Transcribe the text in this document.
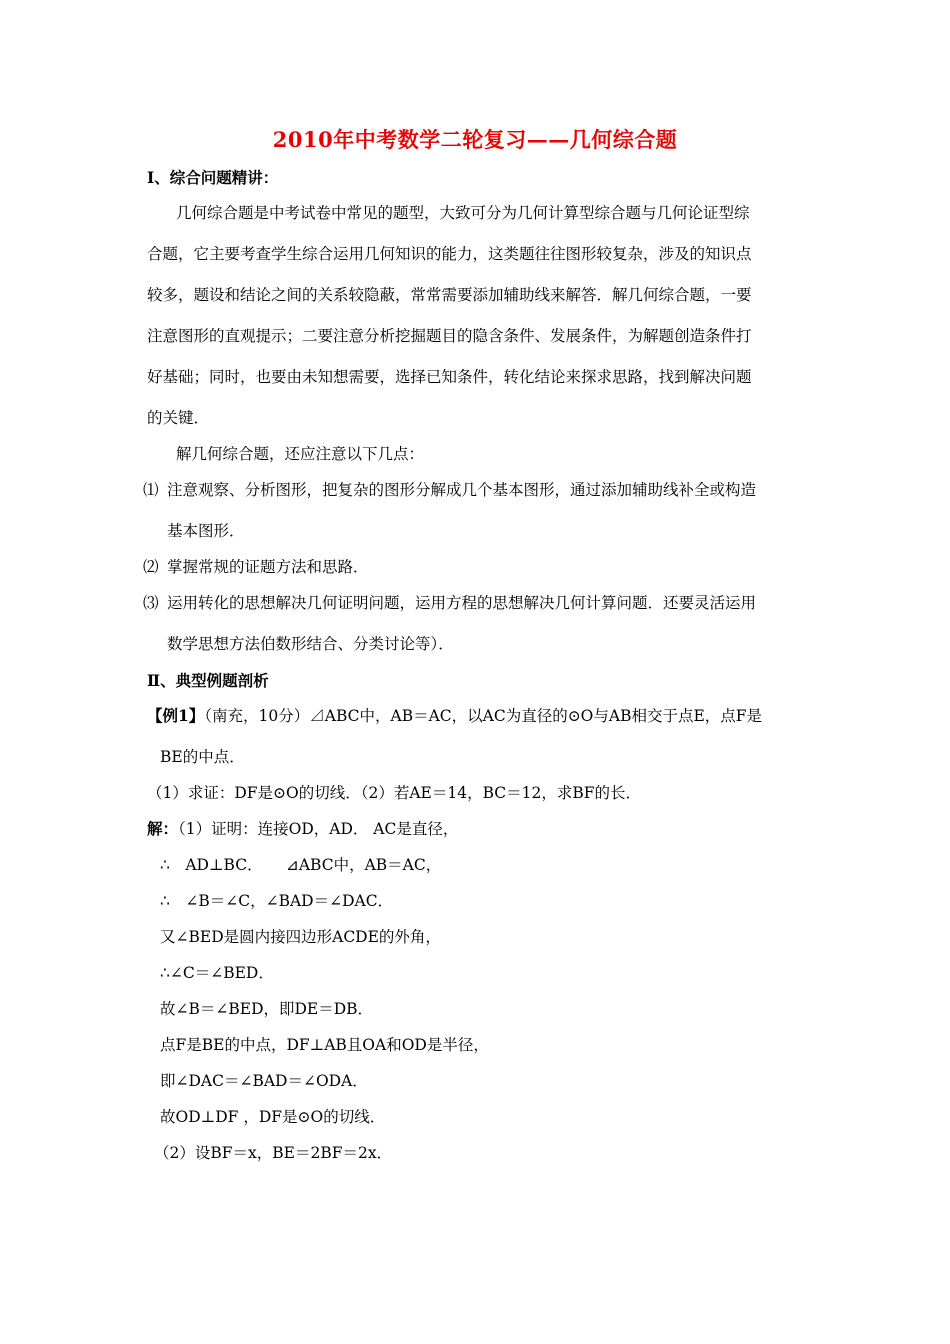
2010年中考数学二轮复习——几何综合题
Ⅰ、综合问题精讲：
几何综合题是中考试卷中常见的题型，大致可分为几何计算型综合题与几何论证型综
合题，它主要考查学生综合运用几何知识的能力，这类题往往图形较复杂，涉及的知识点
较多，题设和结论之间的关系较隐蔽，常常需要添加辅助线来解答．解几何综合题，一要
注意图形的直观提示；二要注意分析挖掘题目的隐含条件、发展条件，为解题创造条件打
好基础；同时，也要由未知想需要，选择已知条件，转化结论来探求思路，找到解决问题
的关键．
解几何综合题，还应注意以下几点：
⑴ 注意观察、分析图形，把复杂的图形分解成几个基本图形，通过添加辅助线补全或构造
基本图形．
⑵ 掌握常规的证题方法和思路．
⑶ 运用转化的思想解决几何证明问题，运用方程的思想解决几何计算问题．还要灵活运用
数学思想方法伯数形结合、分类讨论等）．
Ⅱ、典型例题剖析
【例1】（南充，10分）⊿ABC中，AB＝AC，以AC为直径的⊙O与AB相交于点E，点F是
BE的中点．
（1）求证：DF是⊙O的切线．（2）若AE＝14，BC＝12，求BF的长．
解：（1）证明：连接OD，AD． AC是直径，
∴　AD⊥BC．　　⊿ABC中，AB＝AC，
∴　∠B＝∠C，∠BAD＝∠DAC．
又∠BED是圆内接四边形ACDE的外角，
∴∠C＝∠BED．
故∠B＝∠BED，即DE＝DB．
点F是BE的中点，DF⊥AB且OA和OD是半径，
即∠DAC＝∠BAD＝∠ODA．
故OD⊥DF ，DF是⊙O的切线．
（2）设BF＝x，BE＝2BF＝2x．
